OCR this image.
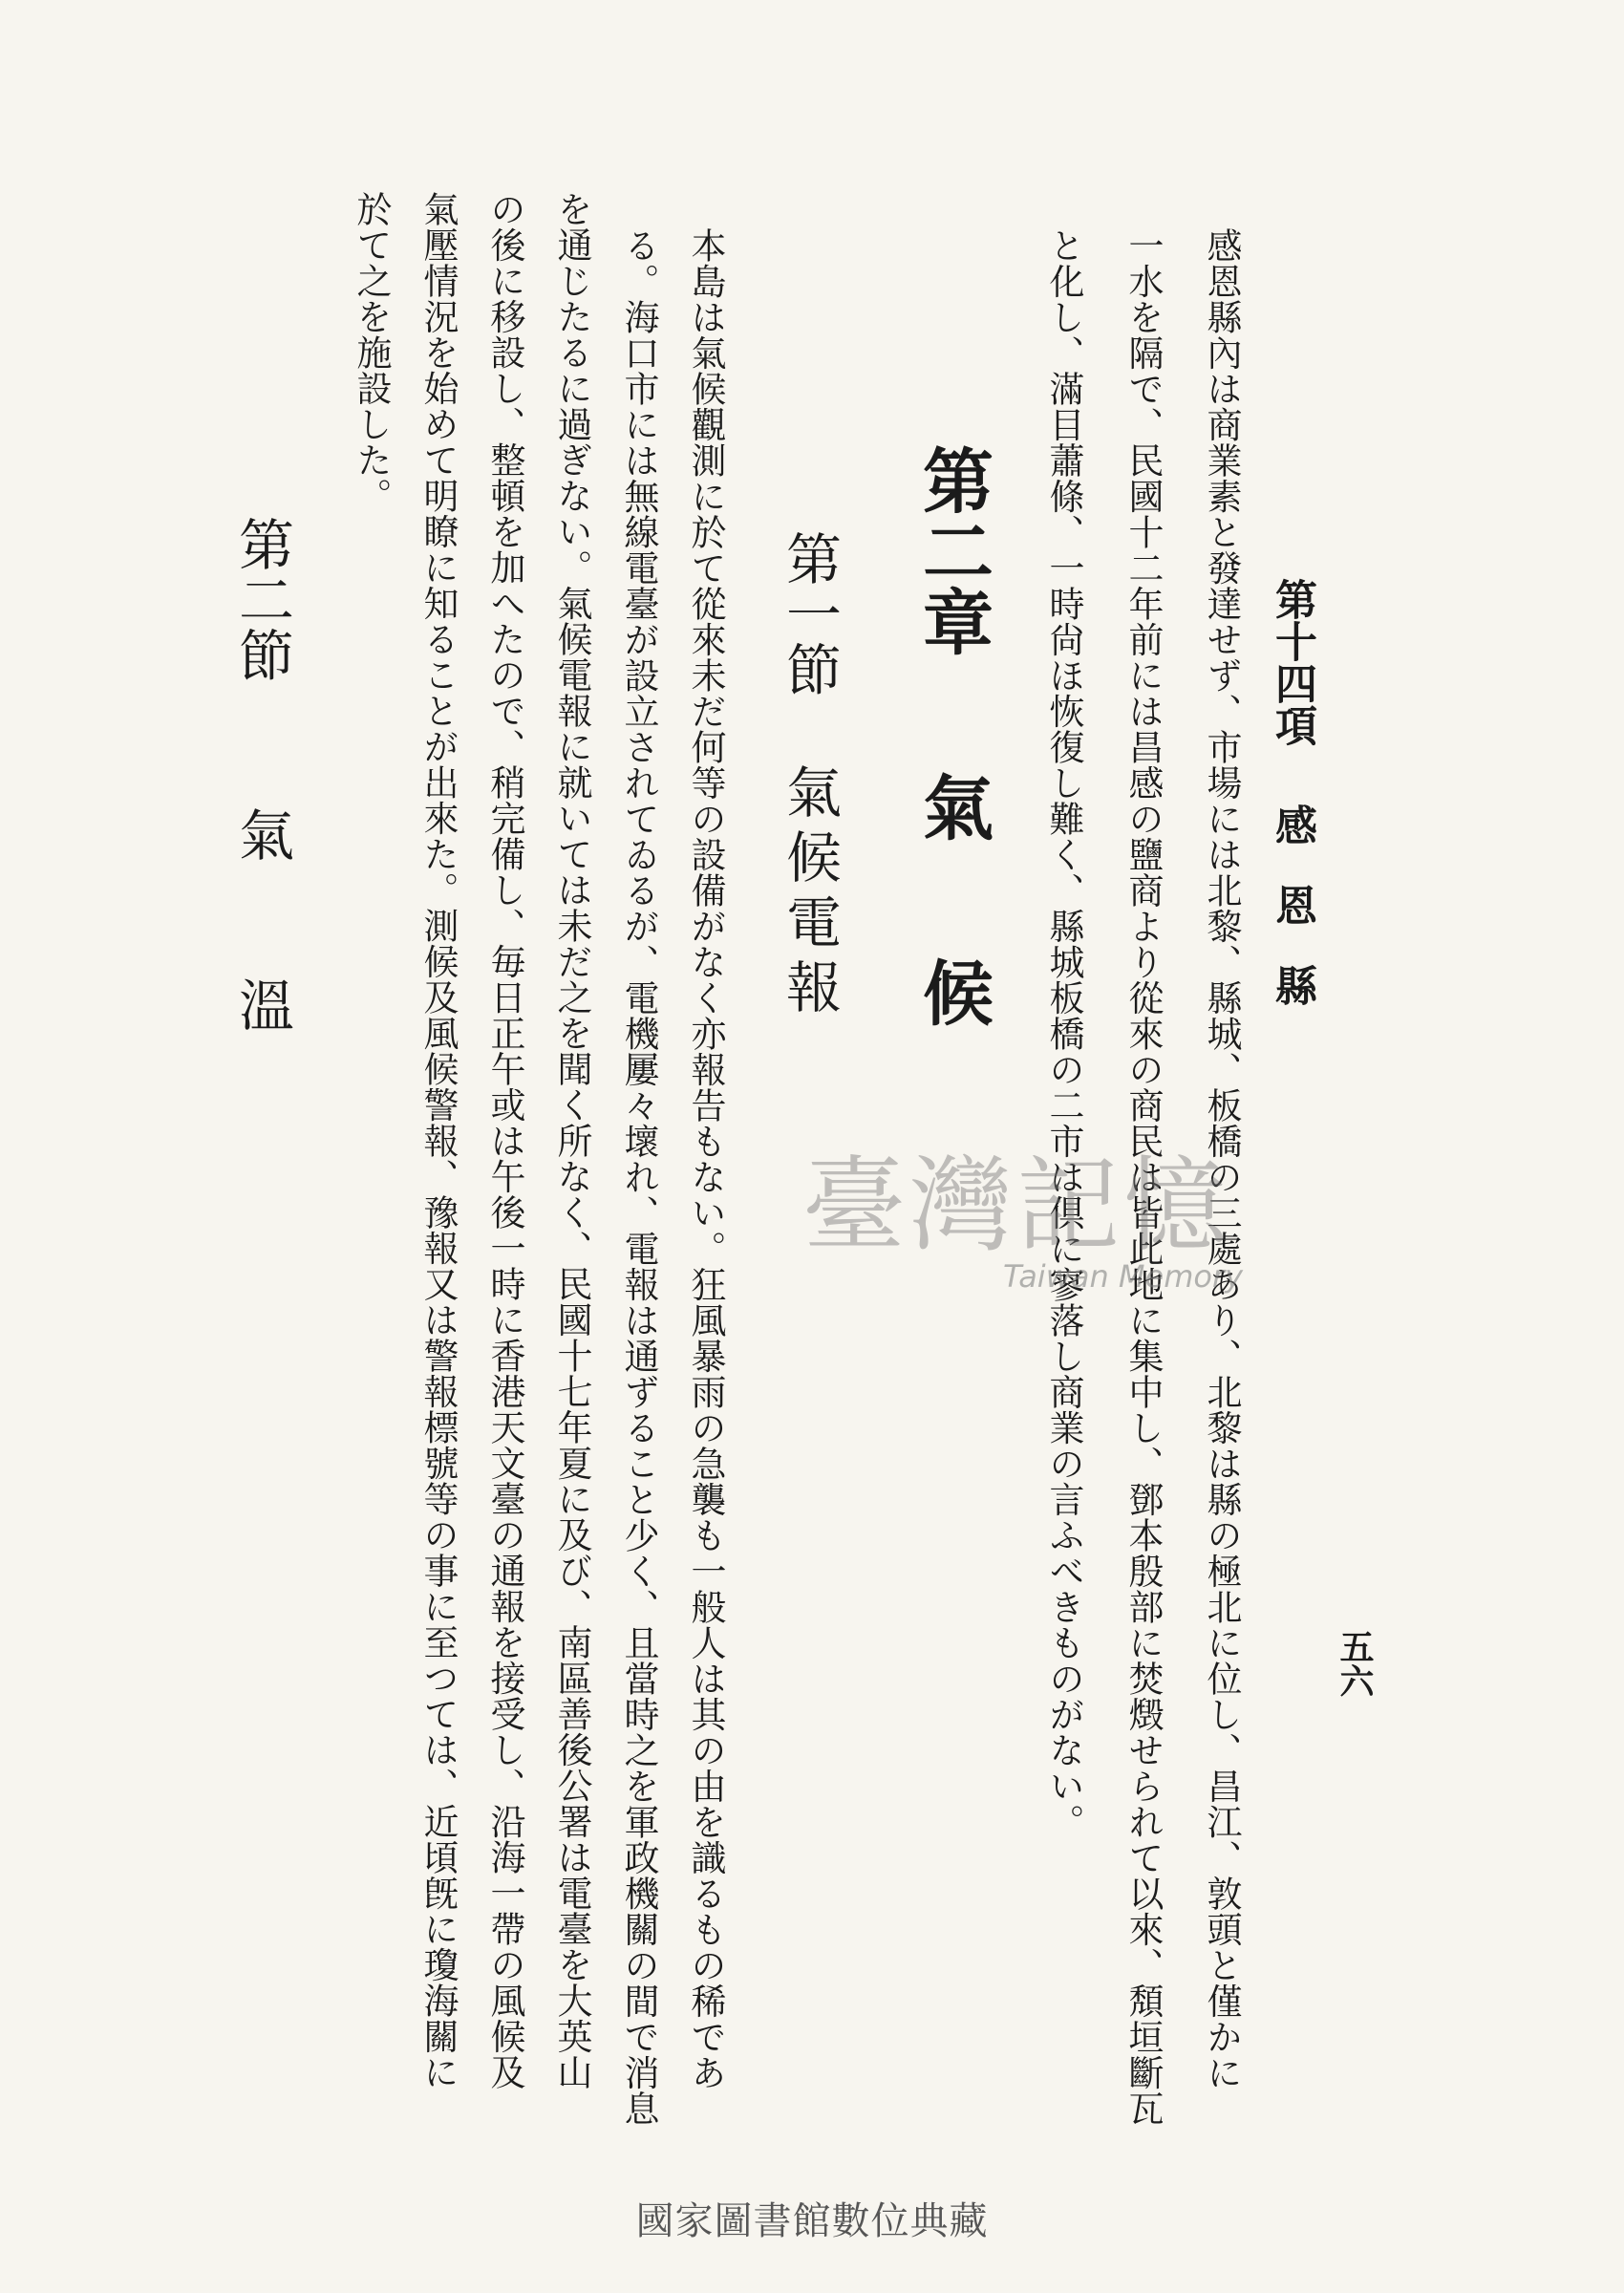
五六
第十四項感恩縣
感恩縣內は商業素と發達せず、市場には北黎、縣城、板橋の三處あり、北黎は縣の極北に位し、昌江、敦頭と僅かに
一水を隔で、民國十二年前には昌感の鹽商より從來の商民は皆此地に集中し、鄧本殷部に焚燬せられて以來、頽垣斷瓦
と化し、滿目蕭條、一時尙ほ恢復し難く、縣城板橋の二市は倶に寥落し商業の言ふべきものがない。
第二章氣候
第一節氣候電報
本島は氣候觀測に於て從來未だ何等の設備がなく亦報告もない。狂風暴雨の急襲も一般人は其の由を識るもの稀であ
る。海口市には無線電臺が設立されてゐるが、電機屢々壞れ、電報は通ずること少く、且當時之を軍政機關の間で消息
を通じたるに過ぎない。氣候電報に就いては未だ之を聞く所なく、民國十七年夏に及び、南區善後公署は電臺を大英山
の後に移設し、整頓を加へたので、稍完備し、毎日正午或は午後一時に香港天文臺の通報を接受し、沿海一帶の風候及
氣壓情況を始めて明瞭に知ることが出來た。測候及風候警報、豫報又は警報標號等の事に至つては、近頃旣に瓊海關に
於て之を施設した。
第二節氣溫
臺灣記憶
Taiwan Memory
國家圖書館數位典藏
